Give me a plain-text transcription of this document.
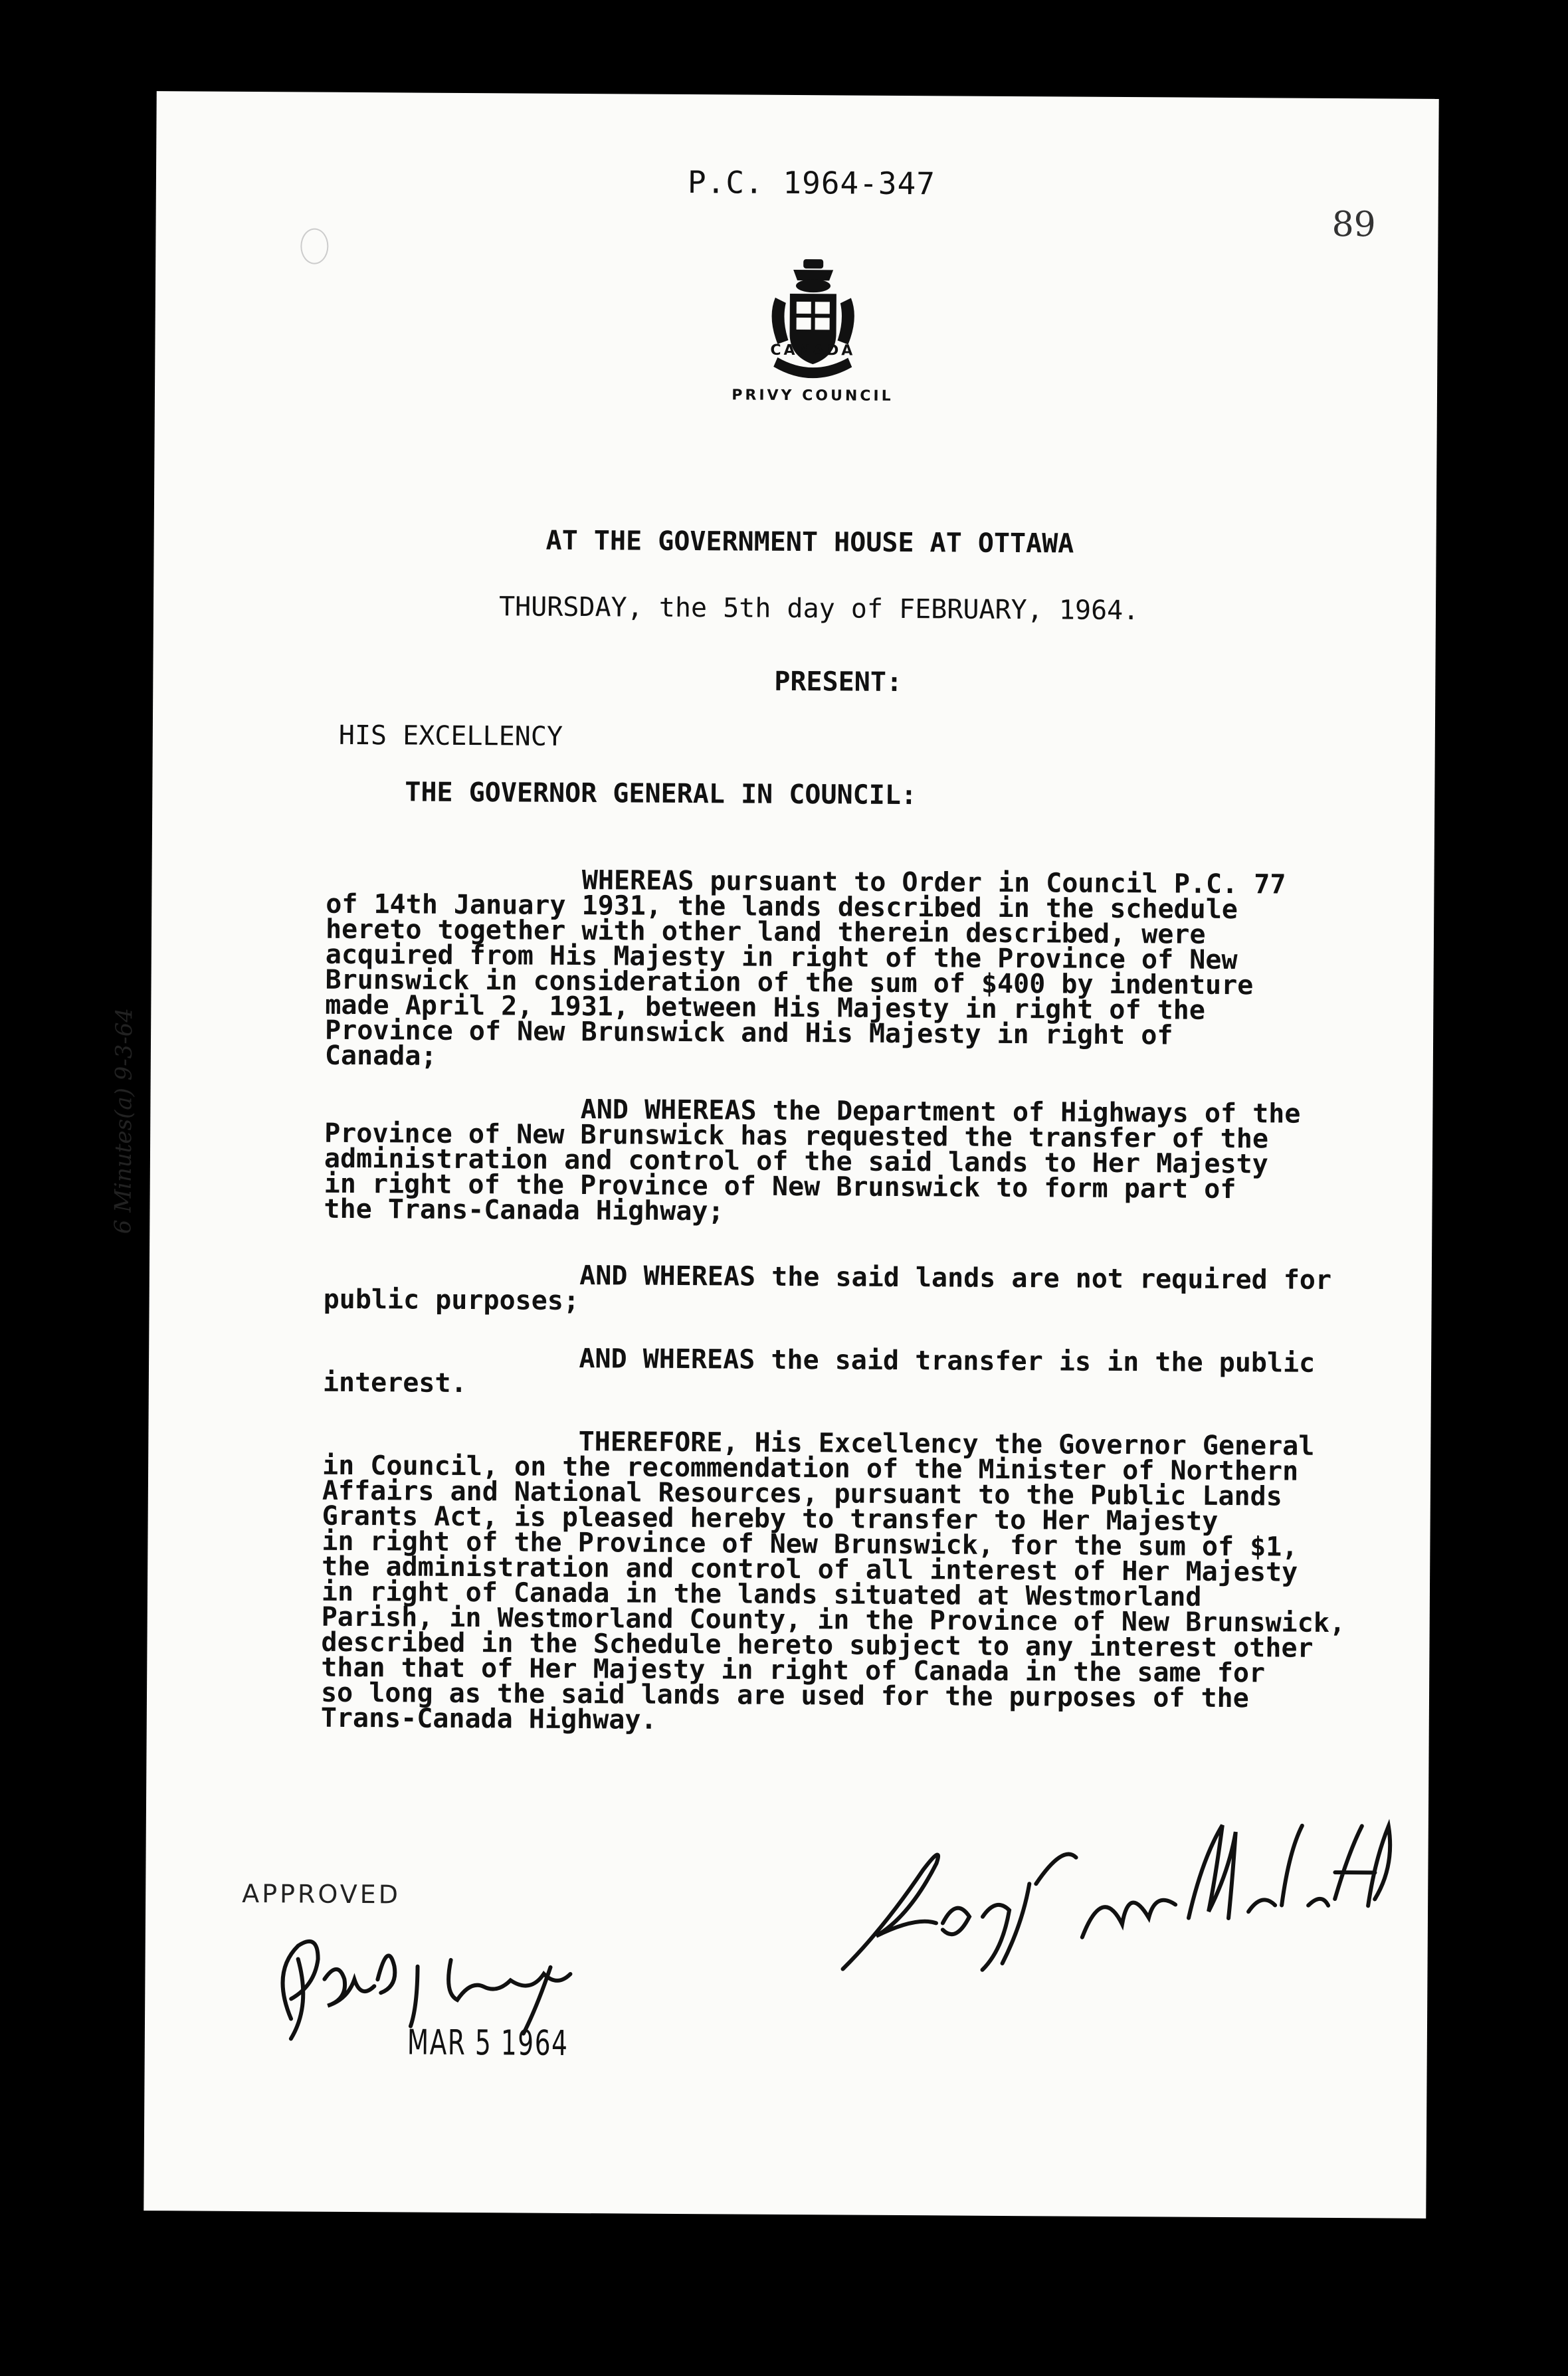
P.C. 1964-347
89
CANADA
PRIVY COUNCIL
AT THE GOVERNMENT HOUSE AT OTTAWA
THURSDAY, the 5th day of FEBRUARY, 1964.
PRESENT:
HIS EXCELLENCY
THE GOVERNOR GENERAL IN COUNCIL:
WHEREAS pursuant to Order in Council P.C. 77
of 14th January 1931, the lands described in the schedule
hereto together with other land therein described, were
acquired from His Majesty in right of the Province of New
Brunswick in consideration of the sum of $400 by indenture
made April 2, 1931, between His Majesty in right of the
Province of New Brunswick and His Majesty in right of
Canada;
AND WHEREAS the Department of Highways of the
Province of New Brunswick has requested the transfer of the
administration and control of the said lands to Her Majesty
in right of the Province of New Brunswick to form part of
the Trans-Canada Highway;
AND WHEREAS the said lands are not required for
public purposes;
AND WHEREAS the said transfer is in the public
interest.
THEREFORE, His Excellency the Governor General
in Council, on the recommendation of the Minister of Northern
Affairs and National Resources, pursuant to the Public Lands
Grants Act, is pleased hereby to transfer to Her Majesty
in right of the Province of New Brunswick, for the sum of $1,
the administration and control of all interest of Her Majesty
in right of Canada in the lands situated at Westmorland
Parish, in Westmorland County, in the Province of New Brunswick,
described in the Schedule hereto subject to any interest other
than that of Her Majesty in right of Canada in the same for
so long as the said lands are used for the purposes of the
Trans-Canada Highway.
6 Minutes(a) 9-3-64
APPROVED
MAR 5 1964
